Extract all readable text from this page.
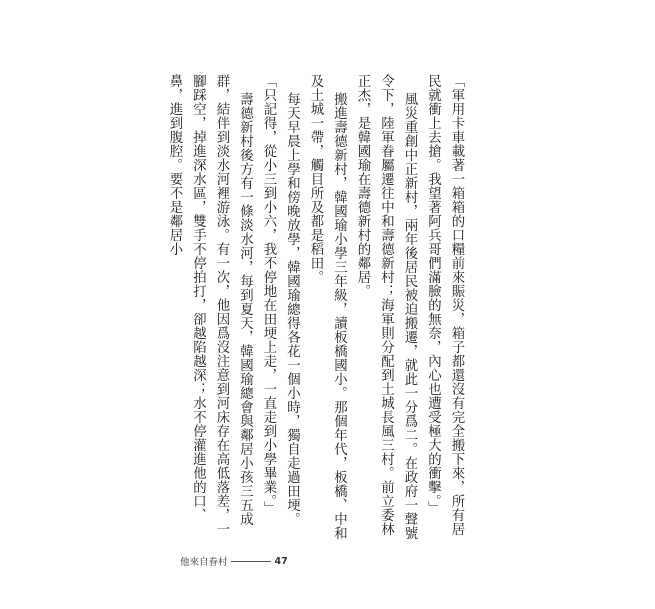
「軍用卡車載著一箱箱的口糧前來賑災，箱子都還沒有完全搬下來，所有居民就衝上去搶。我望著阿兵哥們滿臉的無奈，內心也遭受極大的衝擊。」

風災重創中正新村，兩年後居民被迫搬遷，就此一分爲二。在政府一聲號令下，陸軍眷屬遷往中和壽德新村；海軍則分配到土城長風三村。前立委林正杰，是韓國瑜在壽德新村的鄰居。

搬進壽德新村，韓國瑜小學三年級，讀板橋國小。那個年代，板橋、中和及土城一帶，觸目所及都是稻田。

每天早晨上學和傍晚放學，韓國瑜總得各花一個小時，獨自走過田埂。「只記得，從小三到小六，我不停地在田埂上走，一直走到小學畢業。」

壽德新村後方有一條淡水河，每到夏天，韓國瑜總會與鄰居小孩三五成群，結伴到淡水河裡游泳。有一次，他因爲沒注意到河床存在高低落差，一腳踩空，掉進深水區，雙手不停拍打，卻越陷越深；水不停灌進他的口、鼻，進到腹腔。要不是鄰居小

他來自眷村	47
